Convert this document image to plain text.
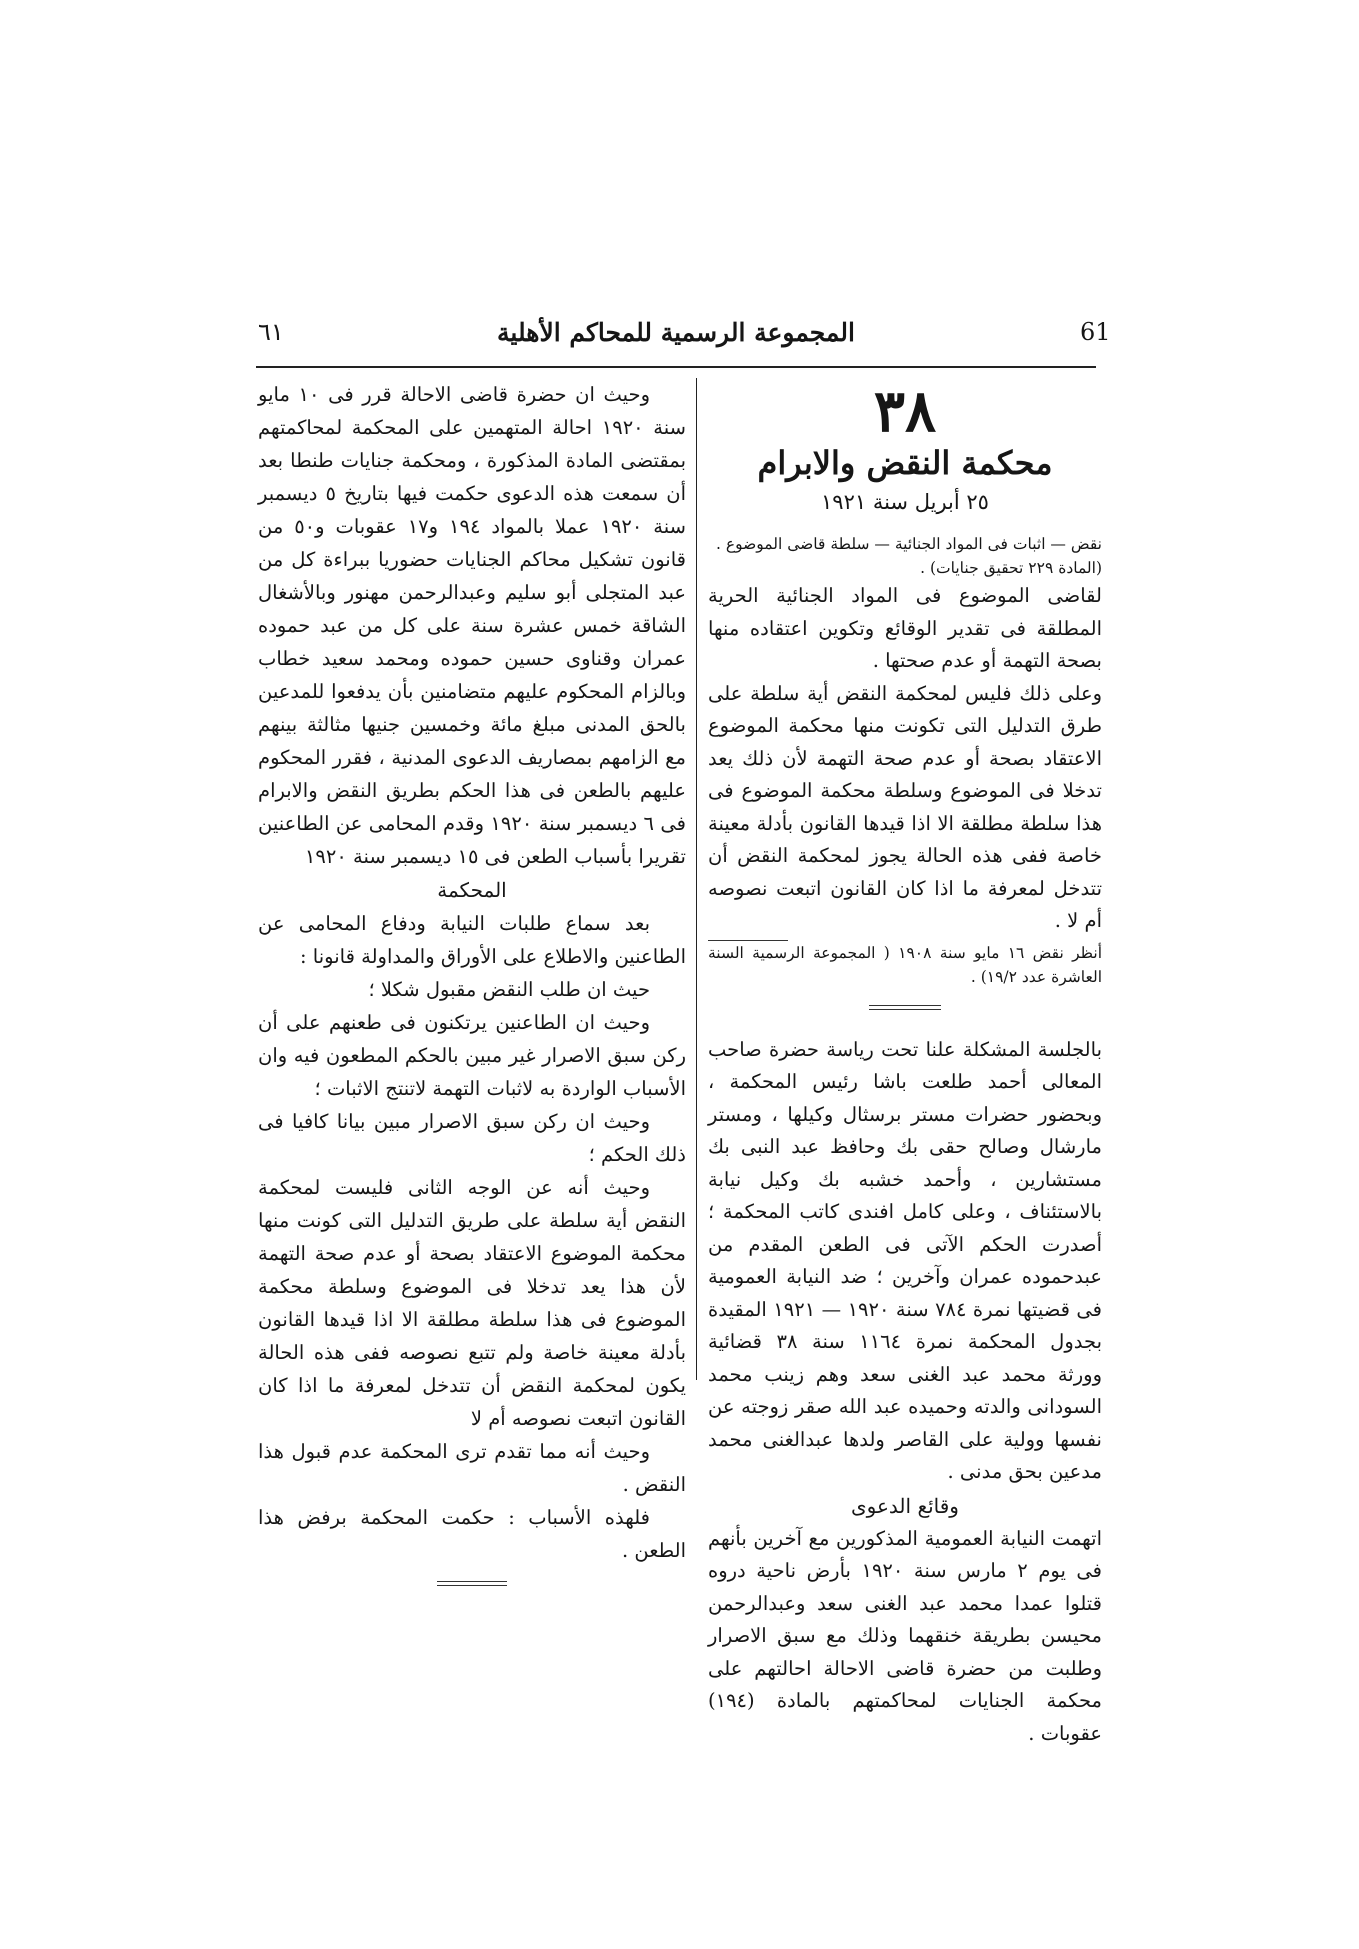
61
المجموعة الرسمية للمحاكم الأهلية
٦١
٣٨
محكمة النقض والابرام
٢٥ أبريل سنة ١٩٢١

نقض — اثبات فى المواد الجنائية — سلطة قاضى الموضوع . (المادة ٢٢٩ تحقيق جنايات) .

لقاضى الموضوع فى المواد الجنائية الحرية المطلقة فى تقدير الوقائع وتكوين اعتقاده منها بصحة التهمة أو عدم صحتها .

وعلى ذلك فليس لمحكمة النقض أية سلطة على طرق التدليل التى تكونت منها محكمة الموضوع الاعتقاد بصحة أو عدم صحة التهمة لأن ذلك يعد تدخلا فى الموضوع وسلطة محكمة الموضوع فى هذا سلطة مطلقة الا اذا قيدها القانون بأدلة معينة خاصة ففى هذه الحالة يجوز لمحكمة النقض أن تتدخل لمعرفة ما اذا كان القانون اتبعت نصوصه أم لا .

أنظر نقض ١٦ مايو سنة ١٩٠٨ ( المجموعة الرسمية السنة العاشرة عدد ١٩/٢) .

بالجلسة المشكلة علنا تحت رياسة حضرة صاحب المعالى أحمد طلعت باشا رئيس المحكمة ، وبحضور حضرات مستر برسثال وكيلها ، ومستر مارشال وصالح حقى بك وحافظ عبد النبى بك مستشارين ، وأحمد خشبه بك وكيل نيابة بالاستئناف ، وعلى كامل افندى كاتب المحكمة ؛ أصدرت الحكم الآتى فى الطعن المقدم من عبدحموده عمران وآخرين ؛ ضد النيابة العمومية فى قضيتها نمرة ٧٨٤ سنة ١٩٢٠ — ١٩٢١ المقيدة بجدول المحكمة نمرة ١١٦٤ سنة ٣٨ قضائية وورثة محمد عبد الغنى سعد وهم زينب محمد السودانى والدته وحميده عبد الله صقر زوجته عن نفسها وولية على القاصر ولدها عبدالغنى محمد مدعين بحق مدنى .

وقائع الدعوى

اتهمت النيابة العمومية المذكورين مع آخرين بأنهم فى يوم ٢ مارس سنة ١٩٢٠ بأرض ناحية دروه قتلوا عمدا محمد عبد الغنى سعد وعبدالرحمن محيسن بطريقة خنقهما وذلك مع سبق الاصرار وطلبت من حضرة قاضى الاحالة احالتهم على محكمة الجنايات لمحاكمتهم بالمادة (١٩٤) عقوبات .

وحيث ان حضرة قاضى الاحالة قرر فى ١٠ مايو سنة ١٩٢٠ احالة المتهمين على المحكمة لمحاكمتهم بمقتضى المادة المذكورة ، ومحكمة جنايات طنطا بعد أن سمعت هذه الدعوى حكمت فيها بتاريخ ٥ ديسمبر سنة ١٩٢٠ عملا بالمواد ١٩٤ و١٧ عقوبات و٥٠ من قانون تشكيل محاكم الجنايات حضوريا ببراءة كل من عبد المتجلى أبو سليم وعبدالرحمن مهنور وبالأشغال الشاقة خمس عشرة سنة على كل من عبد حموده عمران وقناوى حسين حموده ومحمد سعيد خطاب وبالزام المحكوم عليهم متضامنين بأن يدفعوا للمدعين بالحق المدنى مبلغ مائة وخمسين جنيها مثالثة بينهم مع الزامهم بمصاريف الدعوى المدنية ، فقرر المحكوم عليهم بالطعن فى هذا الحكم بطريق النقض والابرام فى ٦ ديسمبر سنة ١٩٢٠ وقدم المحامى عن الطاعنين تقريرا بأسباب الطعن فى ١٥ ديسمبر سنة ١٩٢٠

المحكمة

بعد سماع طلبات النيابة ودفاع المحامى عن الطاعنين والاطلاع على الأوراق والمداولة قانونا :

حيث ان طلب النقض مقبول شكلا ؛

وحيث ان الطاعنين يرتكنون فى طعنهم على أن ركن سبق الاصرار غير مبين بالحكم المطعون فيه وان الأسباب الواردة به لاثبات التهمة لاتنتج الاثبات ؛

وحيث ان ركن سبق الاصرار مبين بيانا كافيا فى ذلك الحكم ؛

وحيث أنه عن الوجه الثانى فليست لمحكمة النقض أية سلطة على طريق التدليل التى كونت منها محكمة الموضوع الاعتقاد بصحة أو عدم صحة التهمة لأن هذا يعد تدخلا فى الموضوع وسلطة محكمة الموضوع فى هذا سلطة مطلقة الا اذا قيدها القانون بأدلة معينة خاصة ولم تتبع نصوصه ففى هذه الحالة يكون لمحكمة النقض أن تتدخل لمعرفة ما اذا كان القانون اتبعت نصوصه أم لا

وحيث أنه مما تقدم ترى المحكمة عدم قبول هذا النقض .

فلهذه الأسباب : حكمت المحكمة برفض هذا الطعن .
